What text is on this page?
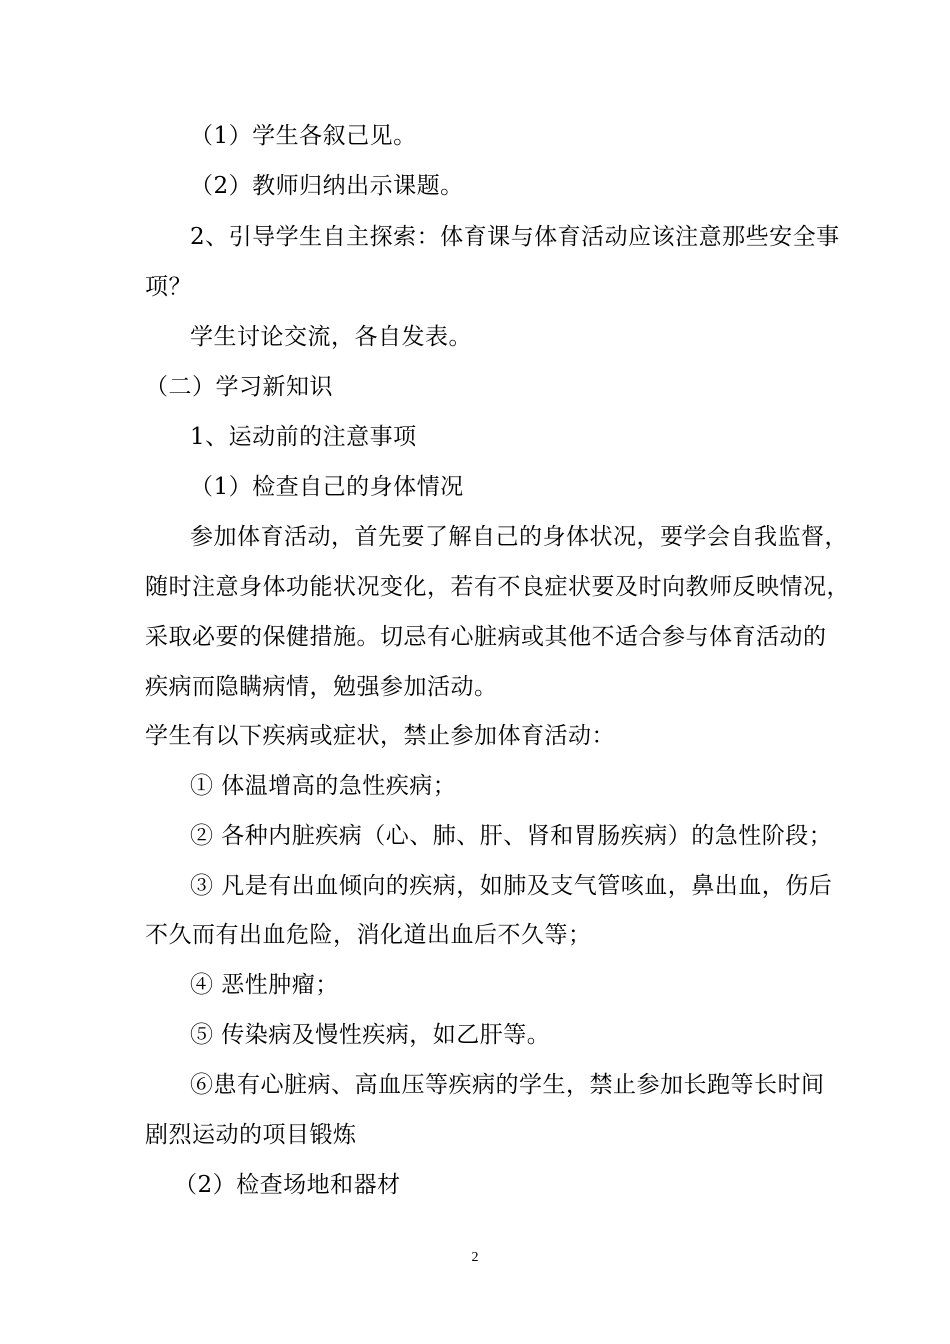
（1）学生各叙己见。
（2）教师归纳出示课题。
2、引导学生自主探索：体育课与体育活动应该注意那些安全事
项？
学生讨论交流，各自发表。
（二）学习新知识
1、运动前的注意事项
（1）检查自己的身体情况
参加体育活动，首先要了解自己的身体状况，要学会自我监督，
随时注意身体功能状况变化，若有不良症状要及时向教师反映情况，
采取必要的保健措施。切忌有心脏病或其他不适合参与体育活动的
疾病而隐瞒病情，勉强参加活动。
学生有以下疾病或症状，禁止参加体育活动：
① 体温增高的急性疾病；
② 各种内脏疾病（心、肺、肝、肾和胃肠疾病）的急性阶段；
③ 凡是有出血倾向的疾病，如肺及支气管咳血，鼻出血，伤后
不久而有出血危险，消化道出血后不久等；
④ 恶性肿瘤；
⑤ 传染病及慢性疾病，如乙肝等。
⑥患有心脏病、高血压等疾病的学生，禁止参加长跑等长时间
剧烈运动的项目锻炼
（2）检查场地和器材
2
